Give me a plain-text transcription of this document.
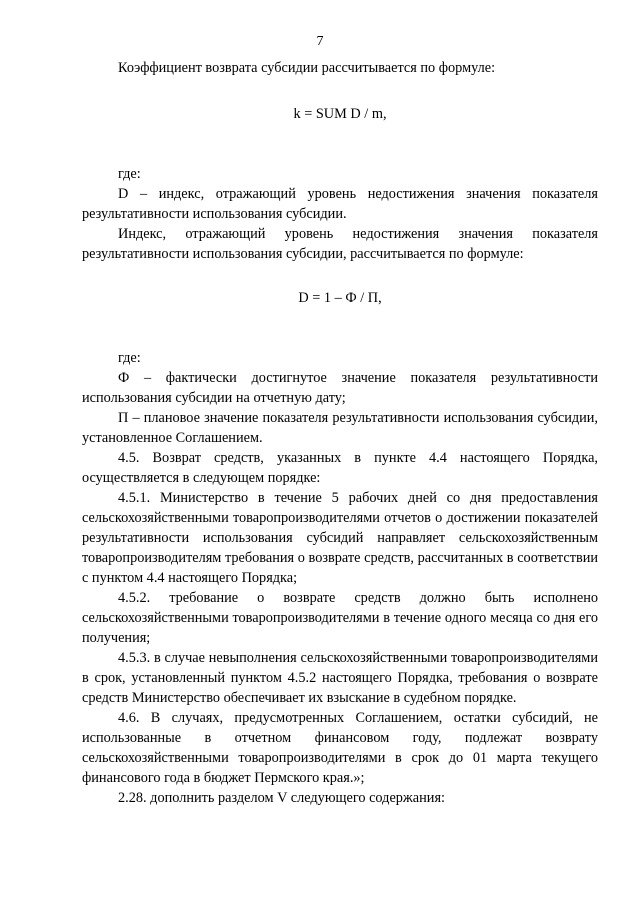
7

Коэффициент возврата субсидии рассчитывается по формуле:

k = SUM D / m,

где:

D – индекс, отражающий уровень недостижения значения показателя результативности использования субсидии.

Индекс, отражающий уровень недостижения значения показателя результативности использования субсидии, рассчитывается по формуле:

D = 1 – Ф / П,

где:

Ф – фактически достигнутое значение показателя результативности использования субсидии на отчетную дату;

П – плановое значение показателя результативности использования субсидии, установленное Соглашением.

4.5. Возврат средств, указанных в пункте 4.4 настоящего Порядка, осуществляется в следующем порядке:

4.5.1. Министерство в течение 5 рабочих дней со дня предоставления сельскохозяйственными товаропроизводителями отчетов о достижении показателей результативности использования субсидий направляет сельскохозяйственным товаропроизводителям требования о возврате средств, рассчитанных в соответствии с пунктом 4.4 настоящего Порядка;

4.5.2. требование о возврате средств должно быть исполнено сельскохозяйственными товаропроизводителями в течение одного месяца со дня его получения;

4.5.3. в случае невыполнения сельскохозяйственными товаропроизводителями в срок, установленный пунктом 4.5.2 настоящего Порядка, требования о возврате средств Министерство обеспечивает их взыскание в судебном порядке.

4.6. В случаях, предусмотренных Соглашением, остатки субсидий, не использованные в отчетном финансовом году, подлежат возврату сельскохозяйственными товаропроизводителями в срок до 01 марта текущего финансового года в бюджет Пермского края.»;

2.28. дополнить разделом V следующего содержания:
